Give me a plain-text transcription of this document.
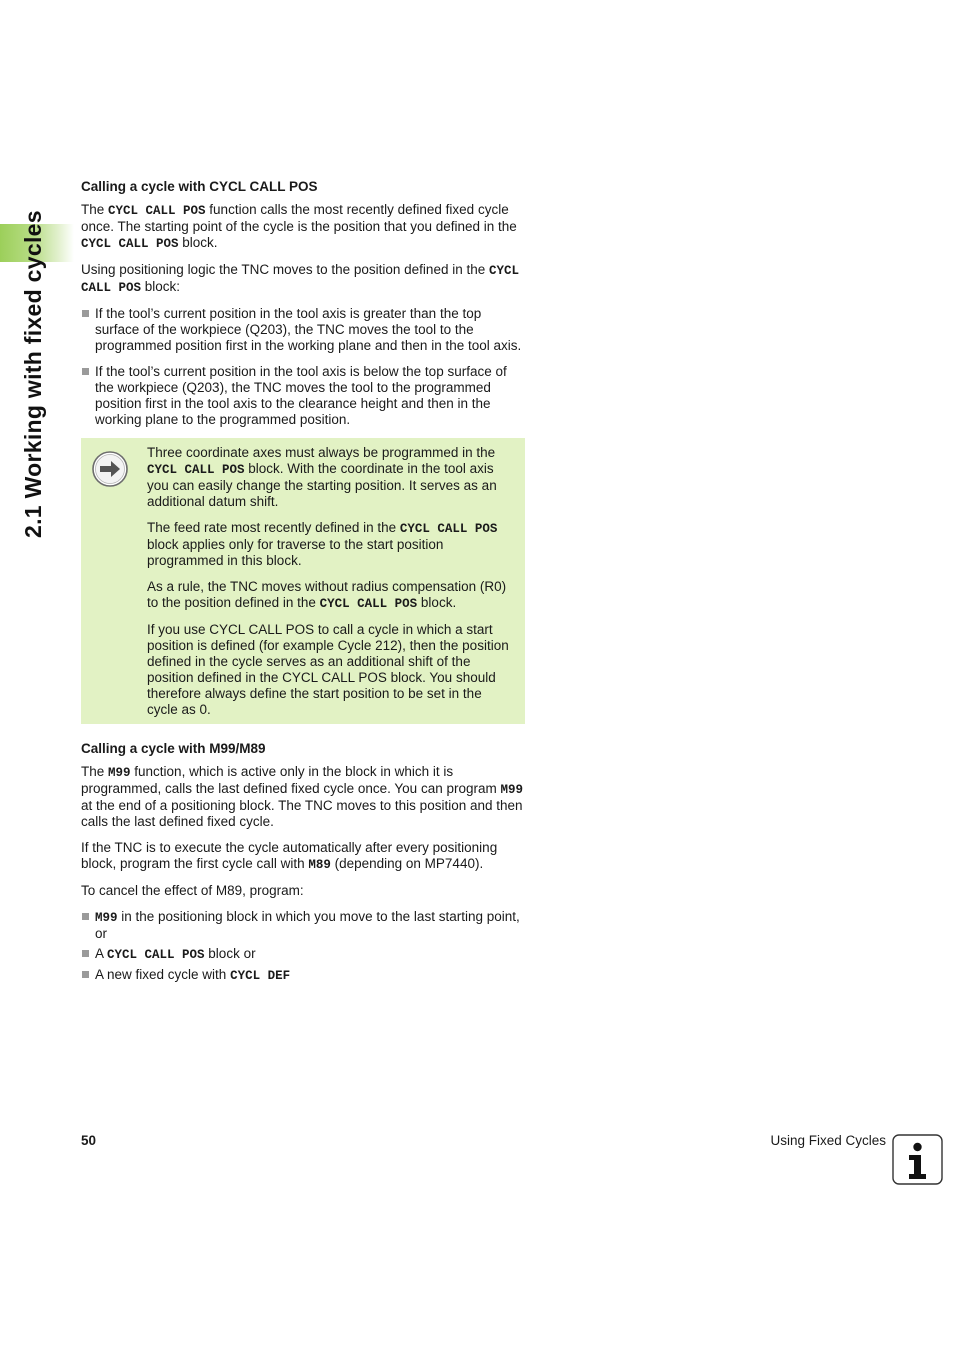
2.1 Working with fixed cycles
Calling a cycle with CYCL CALL POS

The CYCL CALL POS function calls the most recently defined fixed cycle once. The starting point of the cycle is the position that you defined in the CYCL CALL POS block.

Using positioning logic the TNC moves to the position defined in the CYCL CALL POS block:

If the tool’s current position in the tool axis is greater than the top surface of the workpiece (Q203), the TNC moves the tool to the programmed position first in the working plane and then in the tool axis.
If the tool’s current position in the tool axis is below the top surface of the workpiece (Q203), the TNC moves the tool to the programmed position first in the tool axis to the clearance height and then in the working plane to the programmed position.

Three coordinate axes must always be programmed in the CYCL CALL POS block. With the coordinate in the tool axis you can easily change the starting position. It serves as an additional datum shift.

The feed rate most recently defined in the CYCL CALL POS block applies only for traverse to the start position programmed in this block.

As a rule, the TNC moves without radius compensation (R0) to the position defined in the CYCL CALL POS block.

If you use CYCL CALL POS to call a cycle in which a start position is defined (for example Cycle 212), then the position defined in the cycle serves as an additional shift of the position defined in the CYCL CALL POS block. You should therefore always define the start position to be set in the cycle as 0.

Calling a cycle with M99/M89

The M99 function, which is active only in the block in which it is programmed, calls the last defined fixed cycle once. You can program M99 at the end of a positioning block. The TNC moves to this position and then calls the last defined fixed cycle.

If the TNC is to execute the cycle automatically after every positioning block, program the first cycle call with M89 (depending on MP7440).

To cancel the effect of M89, program:

M99 in the positioning block in which you move to the last starting point, or
A CYCL CALL POS block or
A new fixed cycle with CYCL DEF
50	Using Fixed Cycles
